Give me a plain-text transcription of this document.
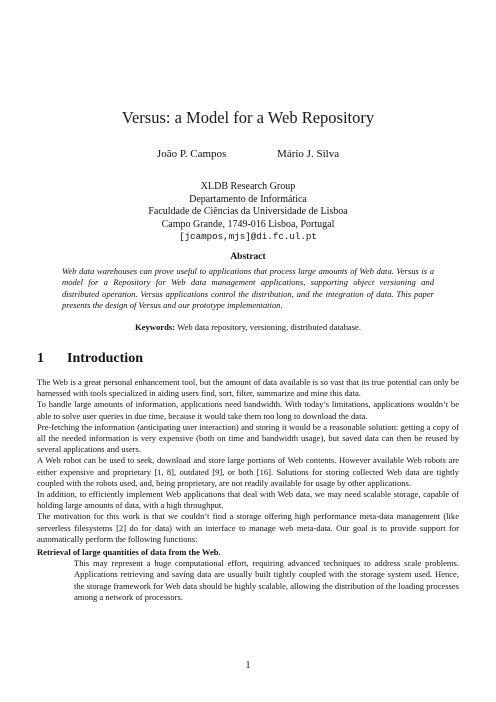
Versus: a Model for a Web Repository
João P. Campos	Mário J. Silva
XLDB Research Group
Departamento de Informática
Faculdade de Ciências da Universidade de Lisboa
Campo Grande, 1749-016 Lisboa, Portugal
[jcampos,mjs]@di.fc.ul.pt
Abstract
Web data warehouses can prove useful to applications that process large amounts of Web data. Versus is a model for a Repository for Web data management applications, supporting object versioning and distributed operation. Versus applications control the distribution, and the integration of data. This paper presents the design of Versus and our prototype implementation.
Keywords: Web data repository, versioning, distributed database.
1 Introduction

The Web is a great personal enhancement tool, but the amount of data available is so vast that its true potential can only be harnessed with tools specialized in aiding users find, sort, filter, summarize and mine this data.

To handle large amounts of information, applications need bandwidth. With today’s limitations, applications wouldn’t be able to solve user queries in due time, because it would take them too long to download the data.

Pre-fetching the information (anticipating user interaction) and storing it would be a reasonable solution: getting a copy of all the needed information is very expensive (both on time and bandwidth usage), but saved data can then be reused by several applications and users.

A Web robot can be used to seek, download and store large portions of Web contents. However available Web robots are either expensive and proprietary [1, 8], outdated [9], or both [16]. Solutions for storing collected Web data are tightly coupled with the robots used, and, being proprietary, are not readily available for usage by other applications.

In addition, to efficiently implement Web applications that deal with Web data, we may need scalable storage, capable of holding large amounts of data, with a high throughput.

The motivation for this work is that we couldn’t find a storage offering high performance meta-data management (like serverless filesystems [2] do for data) with an interface to manage web meta-data. Our goal is to provide support for automatically perform the following functions:

Retrieval of large quantities of data from the Web.
This may represent a huge computational effort, requiring advanced techniques to address scale problems. Applications retrieving and saving data are usually built tightly coupled with the storage system used. Hence, the storage framework for Web data should be highly scalable, allowing the distribution of the loading processes among a network of processors.
1
